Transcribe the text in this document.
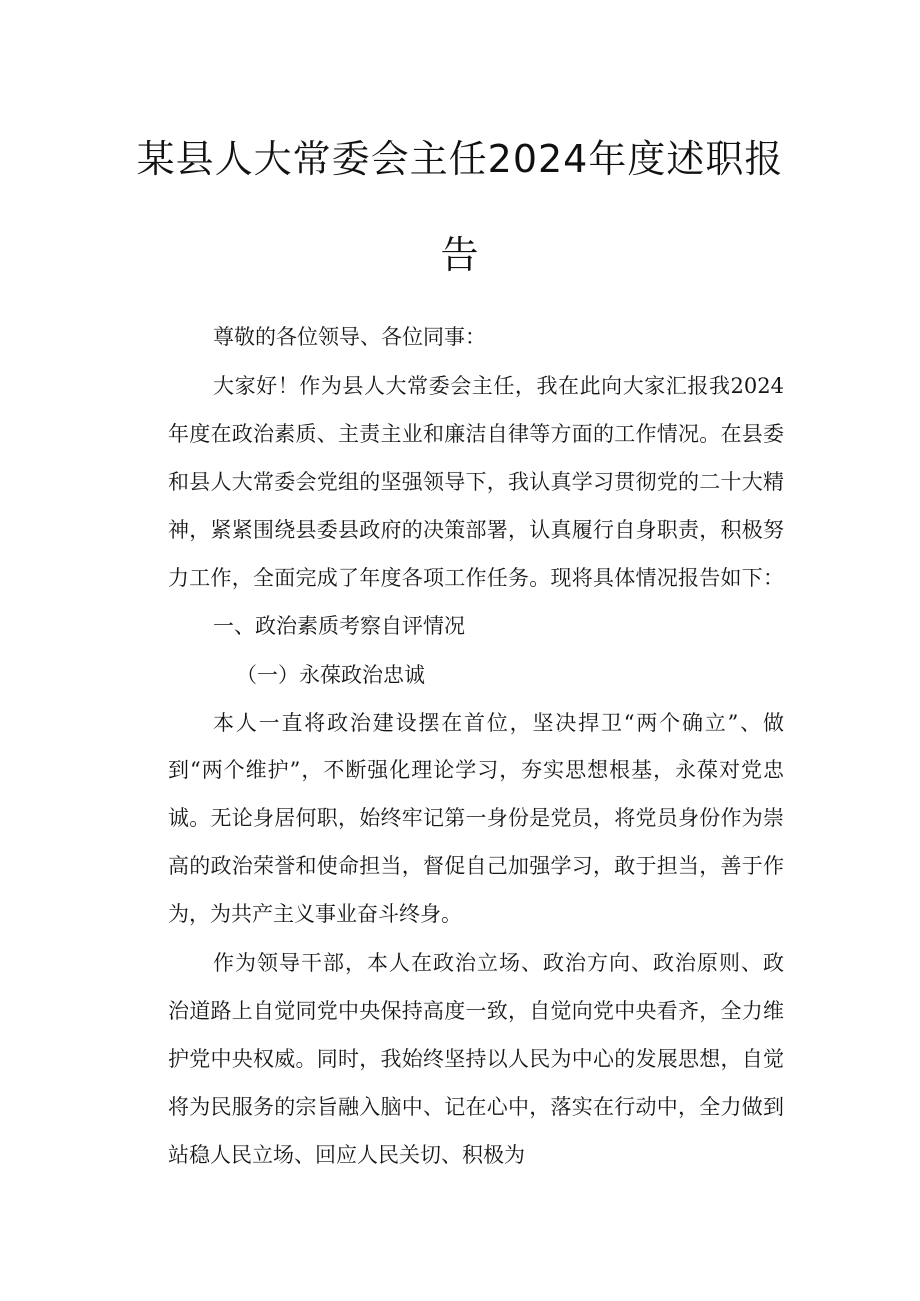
某县人大常委会主任2024年度述职报
告
尊敬的各位领导、各位同事：
大家好！作为县人大常委会主任，我在此向大家汇报我2024
年度在政治素质、主责主业和廉洁自律等方面的工作情况。在县委
和县人大常委会党组的坚强领导下，我认真学习贯彻党的二十大精
神，紧紧围绕县委县政府的决策部署，认真履行自身职责，积极努
力工作，全面完成了年度各项工作任务。现将具体情况报告如下：
一、政治素质考察自评情况
（一）永葆政治忠诚
本人一直将政治建设摆在首位，坚决捍卫“两个确立”、做
到“两个维护”，不断强化理论学习，夯实思想根基，永葆对党忠
诚。无论身居何职，始终牢记第一身份是党员，将党员身份作为崇
高的政治荣誉和使命担当，督促自己加强学习，敢于担当，善于作
为，为共产主义事业奋斗终身。
作为领导干部，本人在政治立场、政治方向、政治原则、政
治道路上自觉同党中央保持高度一致，自觉向党中央看齐，全力维
护党中央权威。同时，我始终坚持以人民为中心的发展思想，自觉
将为民服务的宗旨融入脑中、记在心中，落实在行动中，全力做到
站稳人民立场、回应人民关切、积极为
